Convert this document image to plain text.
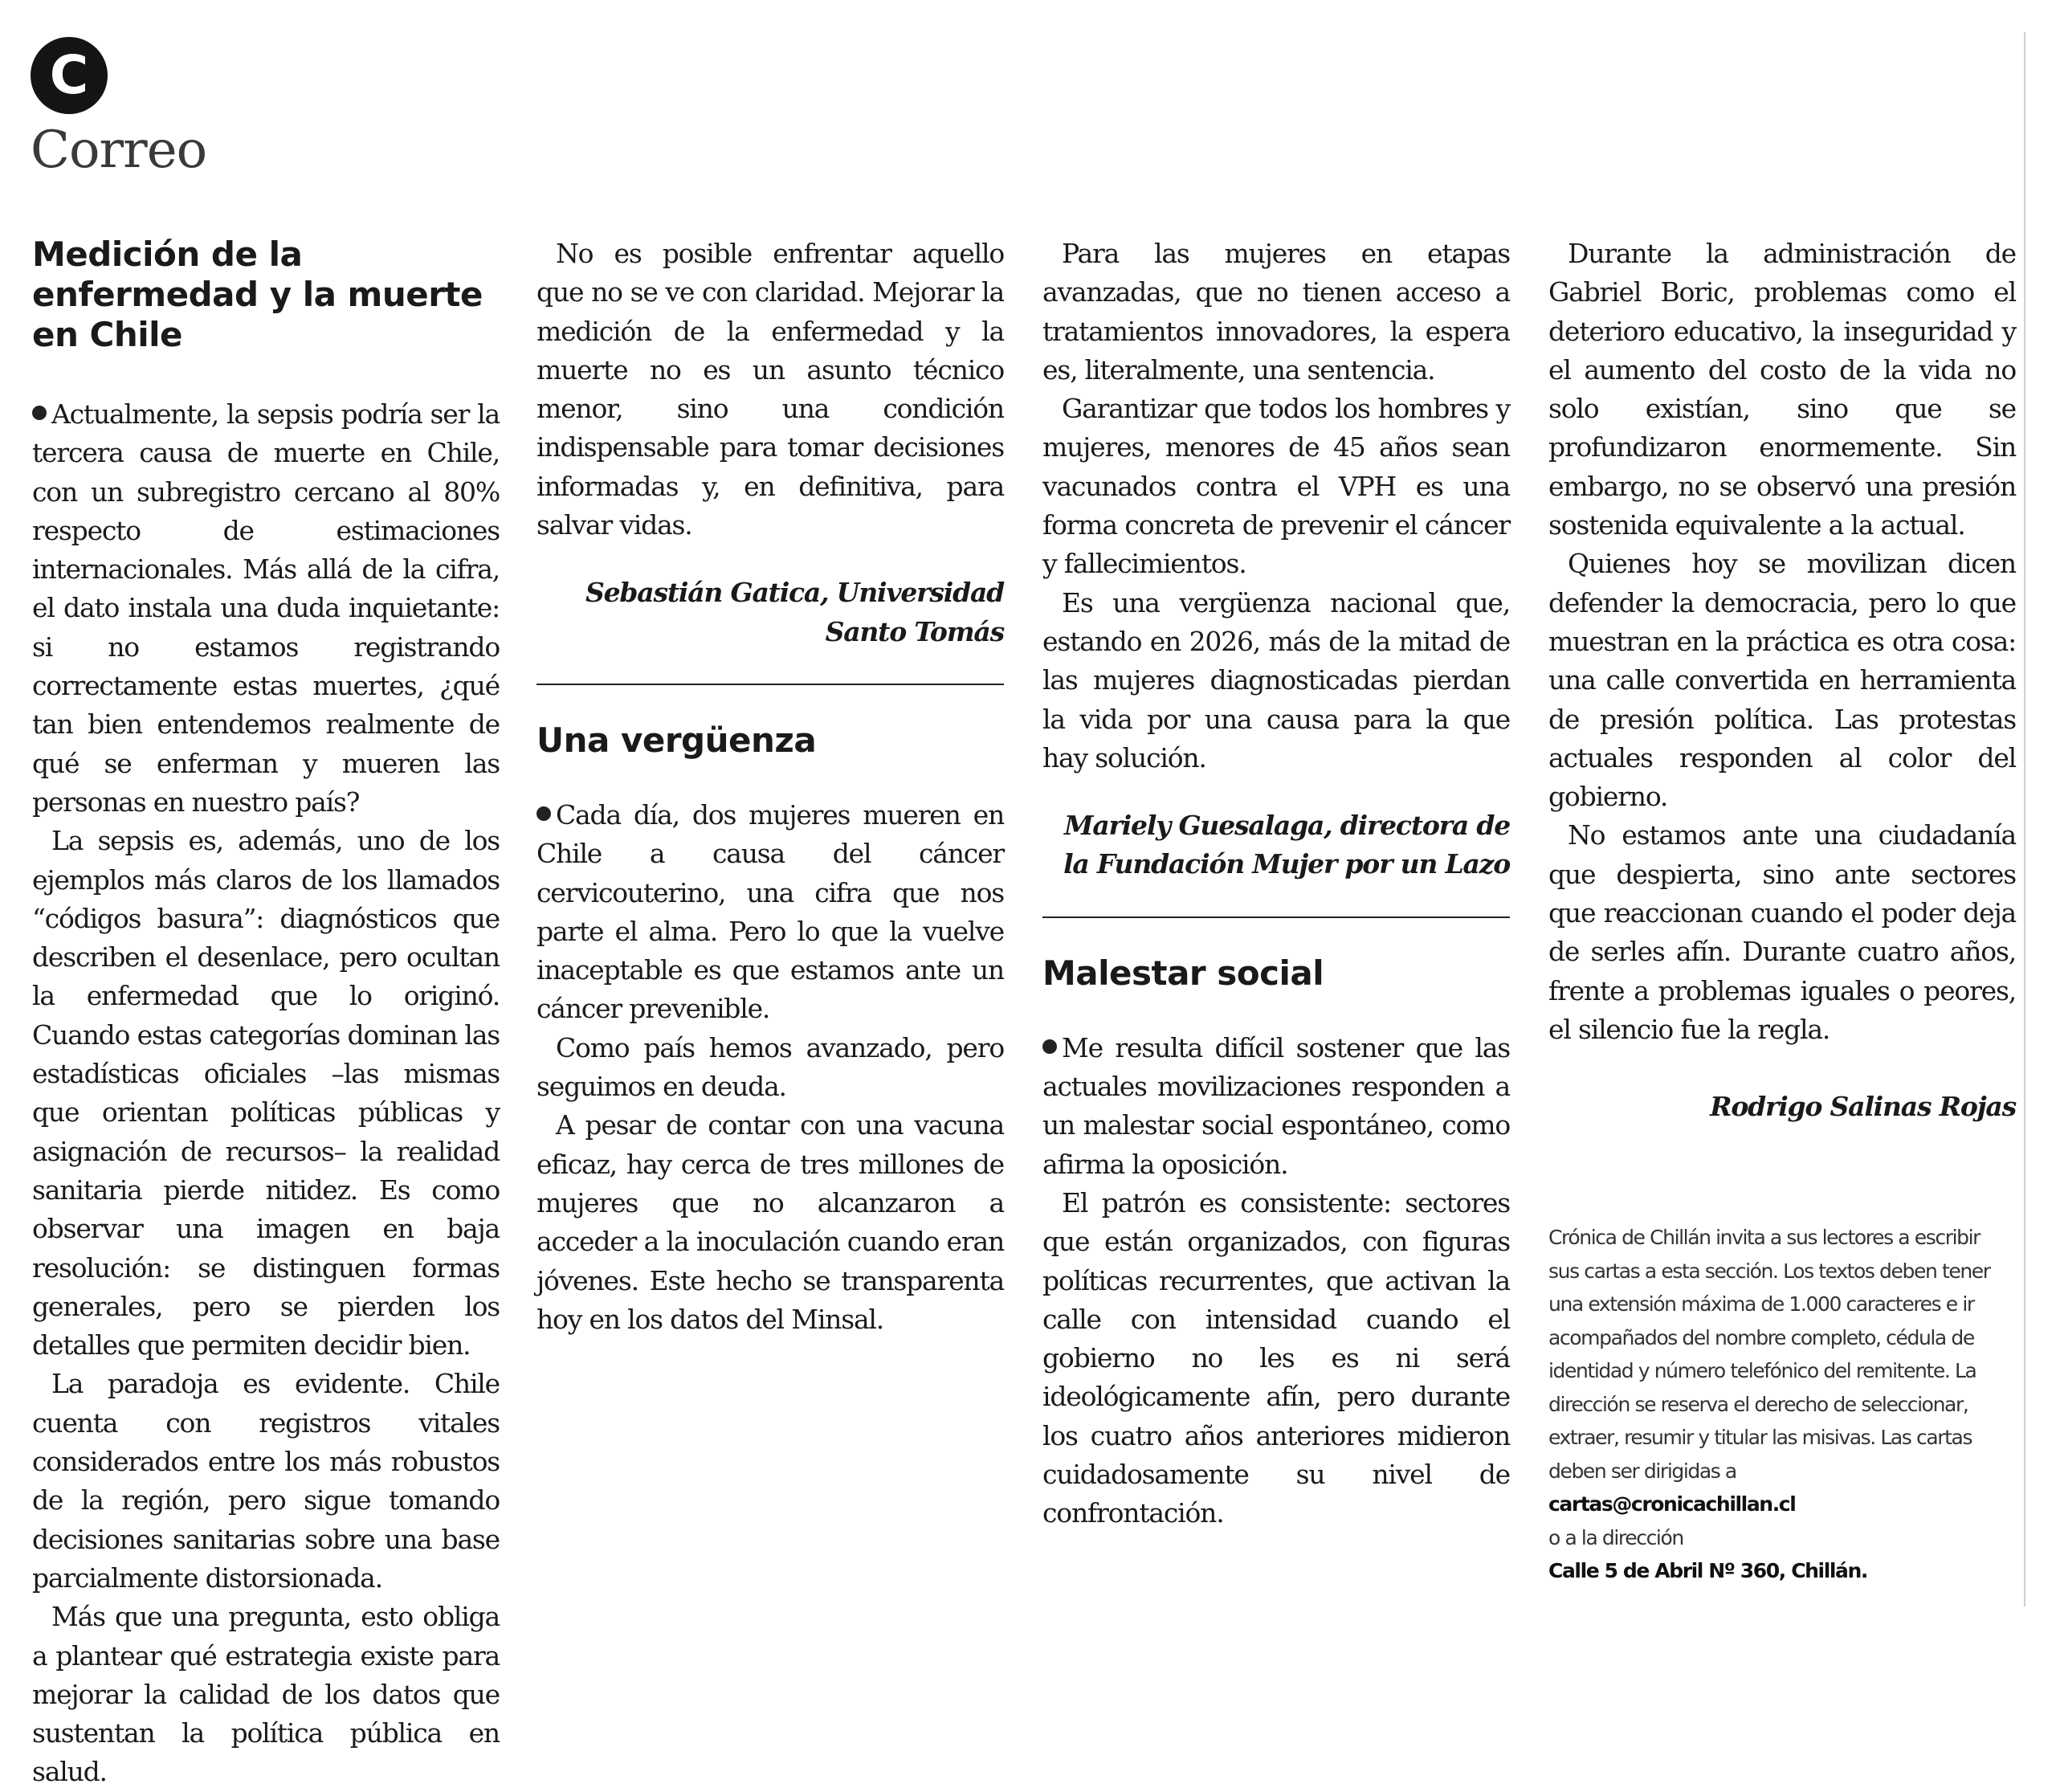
C
Correo
Medición de la enfermedad y la muerte en Chile

Actualmente, la sepsis podría ser la tercera causa de muerte en Chile, con un subregistro cercano al 80% respecto de estimaciones internacionales. Más allá de la cifra, el dato instala una duda inquietante: si no estamos registrando correctamente estas muertes, ¿qué tan bien entendemos realmente de qué se enferman y mueren las personas en nuestro país?

La sepsis es, además, uno de los ejemplos más claros de los llamados “códigos basura”: diagnósticos que describen el desenlace, pero ocultan la enfermedad que lo originó. Cuando estas categorías dominan las estadísticas oficiales –las mismas que orientan políticas públicas y asignación de recursos– la realidad sanitaria pierde nitidez. Es como observar una imagen en baja resolución: se distinguen formas generales, pero se pierden los detalles que permiten decidir bien.

La paradoja es evidente. Chile cuenta con registros vitales considerados entre los más robustos de la región, pero sigue tomando decisiones sanitarias sobre una base parcialmente distorsionada.

Más que una pregunta, esto obliga a plantear qué estrategia existe para mejorar la calidad de los datos que sustentan la política pública en salud.

No es posible enfrentar aquello que no se ve con claridad. Mejorar la medición de la enfermedad y la muerte no es un asunto técnico menor, sino una condición indispensable para tomar decisiones informadas y, en definitiva, para salvar vidas.

Sebastián Gatica, Universidad
Santo Tomás

Una vergüenza

Cada día, dos mujeres mueren en Chile a causa del cáncer cervicouterino, una cifra que nos parte el alma. Pero lo que la vuelve inaceptable es que estamos ante un cáncer prevenible.

Como país hemos avanzado, pero seguimos en deuda.

A pesar de contar con una vacuna eficaz, hay cerca de tres millones de mujeres que no alcanzaron a acceder a la inoculación cuando eran jóvenes. Este hecho se transparenta hoy en los datos del Minsal.

Para las mujeres en etapas avanzadas, que no tienen acceso a tratamientos innovadores, la espera es, literalmente, una sentencia.

Garantizar que todos los hombres y mujeres, menores de 45 años sean vacunados contra el VPH es una forma concreta de prevenir el cáncer y fallecimientos.

Es una vergüenza nacional que, estando en 2026, más de la mitad de las mujeres diagnosticadas pierdan la vida por una causa para la que hay solución.

Mariely Guesalaga, directora de
la Fundación Mujer por un Lazo

Malestar social

Me resulta difícil sostener que las actuales movilizaciones responden a un malestar social espontáneo, como afirma la oposición.

El patrón es consistente: sectores que están organizados, con figuras políticas recurrentes, que activan la calle con intensidad cuando el gobierno no les es ni será ideológicamente afín, pero durante los cuatro años anteriores midieron cuidadosamente su nivel de confrontación.

Durante la administración de Gabriel Boric, problemas como el deterioro educativo, la inseguridad y el aumento del costo de la vida no solo existían, sino que se profundizaron enormemente. Sin embargo, no se observó una presión sostenida equivalente a la actual.

Quienes hoy se movilizan dicen defender la democracia, pero lo que muestran en la práctica es otra cosa: una calle convertida en herramienta de presión política. Las protestas actuales responden al color del gobierno.

No estamos ante una ciudadanía que despierta, sino ante sectores que reaccionan cuando el poder deja de serles afín. Durante cuatro años, frente a problemas iguales o peores, el silencio fue la regla.

Rodrigo Salinas Rojas

Crónica de Chillán invita a sus lectores a escribir sus cartas a esta sección. Los textos deben tener una extensión máxima de 1.000 caracteres e ir acompañados del nombre completo, cédula de identidad y número telefónico del remitente. La dirección se reserva el derecho de seleccionar, extraer, resumir y titular las misivas. Las cartas deben ser dirigidas a
cartas@cronicachillan.cl
o a la dirección
Calle 5 de Abril Nº 360, Chillán.
